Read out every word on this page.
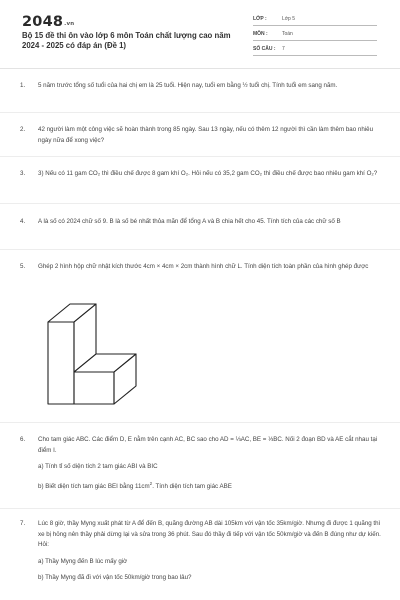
2048.vn
Bộ 15 đề thi ôn vào lớp 6 môn Toán chất lượng cao năm 2024 - 2025 có đáp án (Đề 1)
LỚP :	Lớp 5
MÔN :	Toán
SỐ CÂU : 7
1. 5 năm trước tổng số tuổi của hai chị em là 25 tuổi. Hiện nay, tuổi em bằng ½ tuổi chị. Tính tuổi em sang năm.
2. 42 người làm một công việc sẽ hoàn thành trong 85 ngày. Sau 13 ngày, nếu có thêm 12 người thì cần làm thêm bao nhiêu ngày nữa để xong việc?
3. 3) Nếu có 11 gam CO₂ thì điều chế được 8 gam khí O₂. Hỏi nếu có 35,2 gam CO₂ thì điều chế được bao nhiêu gam khí O₂?
4. A là số có 2024 chữ số 9. B là số bé nhất thỏa mãn để tổng A và B chia hết cho 45. Tính tích của các chữ số B
5. Ghép 2 hình hộp chữ nhật kích thước 4cm × 4cm × 2cm thành hình chữ L. Tính diện tích toàn phần của hình ghép được
6. Cho tam giác ABC. Các điểm D, E nằm trên cạnh AC, BC sao cho AD = ⅓AC, BE = ⅓BC. Nối 2 đoạn BD và AE cắt nhau tại điểm I.
a) Tính tỉ số diện tích 2 tam giác ABI và BIC
b) Biết diện tích tam giác BEI bằng $11cm^2$. Tính diện tích tam giác ABE
7. Lúc 8 giờ, thầy Myng xuất phát từ A để đến B, quãng đường AB dài 105km với vận tốc 35km/giờ. Nhưng đi được 1 quãng thì xe bị hỏng nên thầy phải dừng lại và sửa trong 36 phút. Sau đó thầy đi tiếp với vận tốc 50km/giờ và đến B đúng như dự kiến. Hỏi:
a) Thầy Myng đến B lúc mấy giờ
b) Thầy Myng đã đi với vận tốc 50km/giờ trong bao lâu?
